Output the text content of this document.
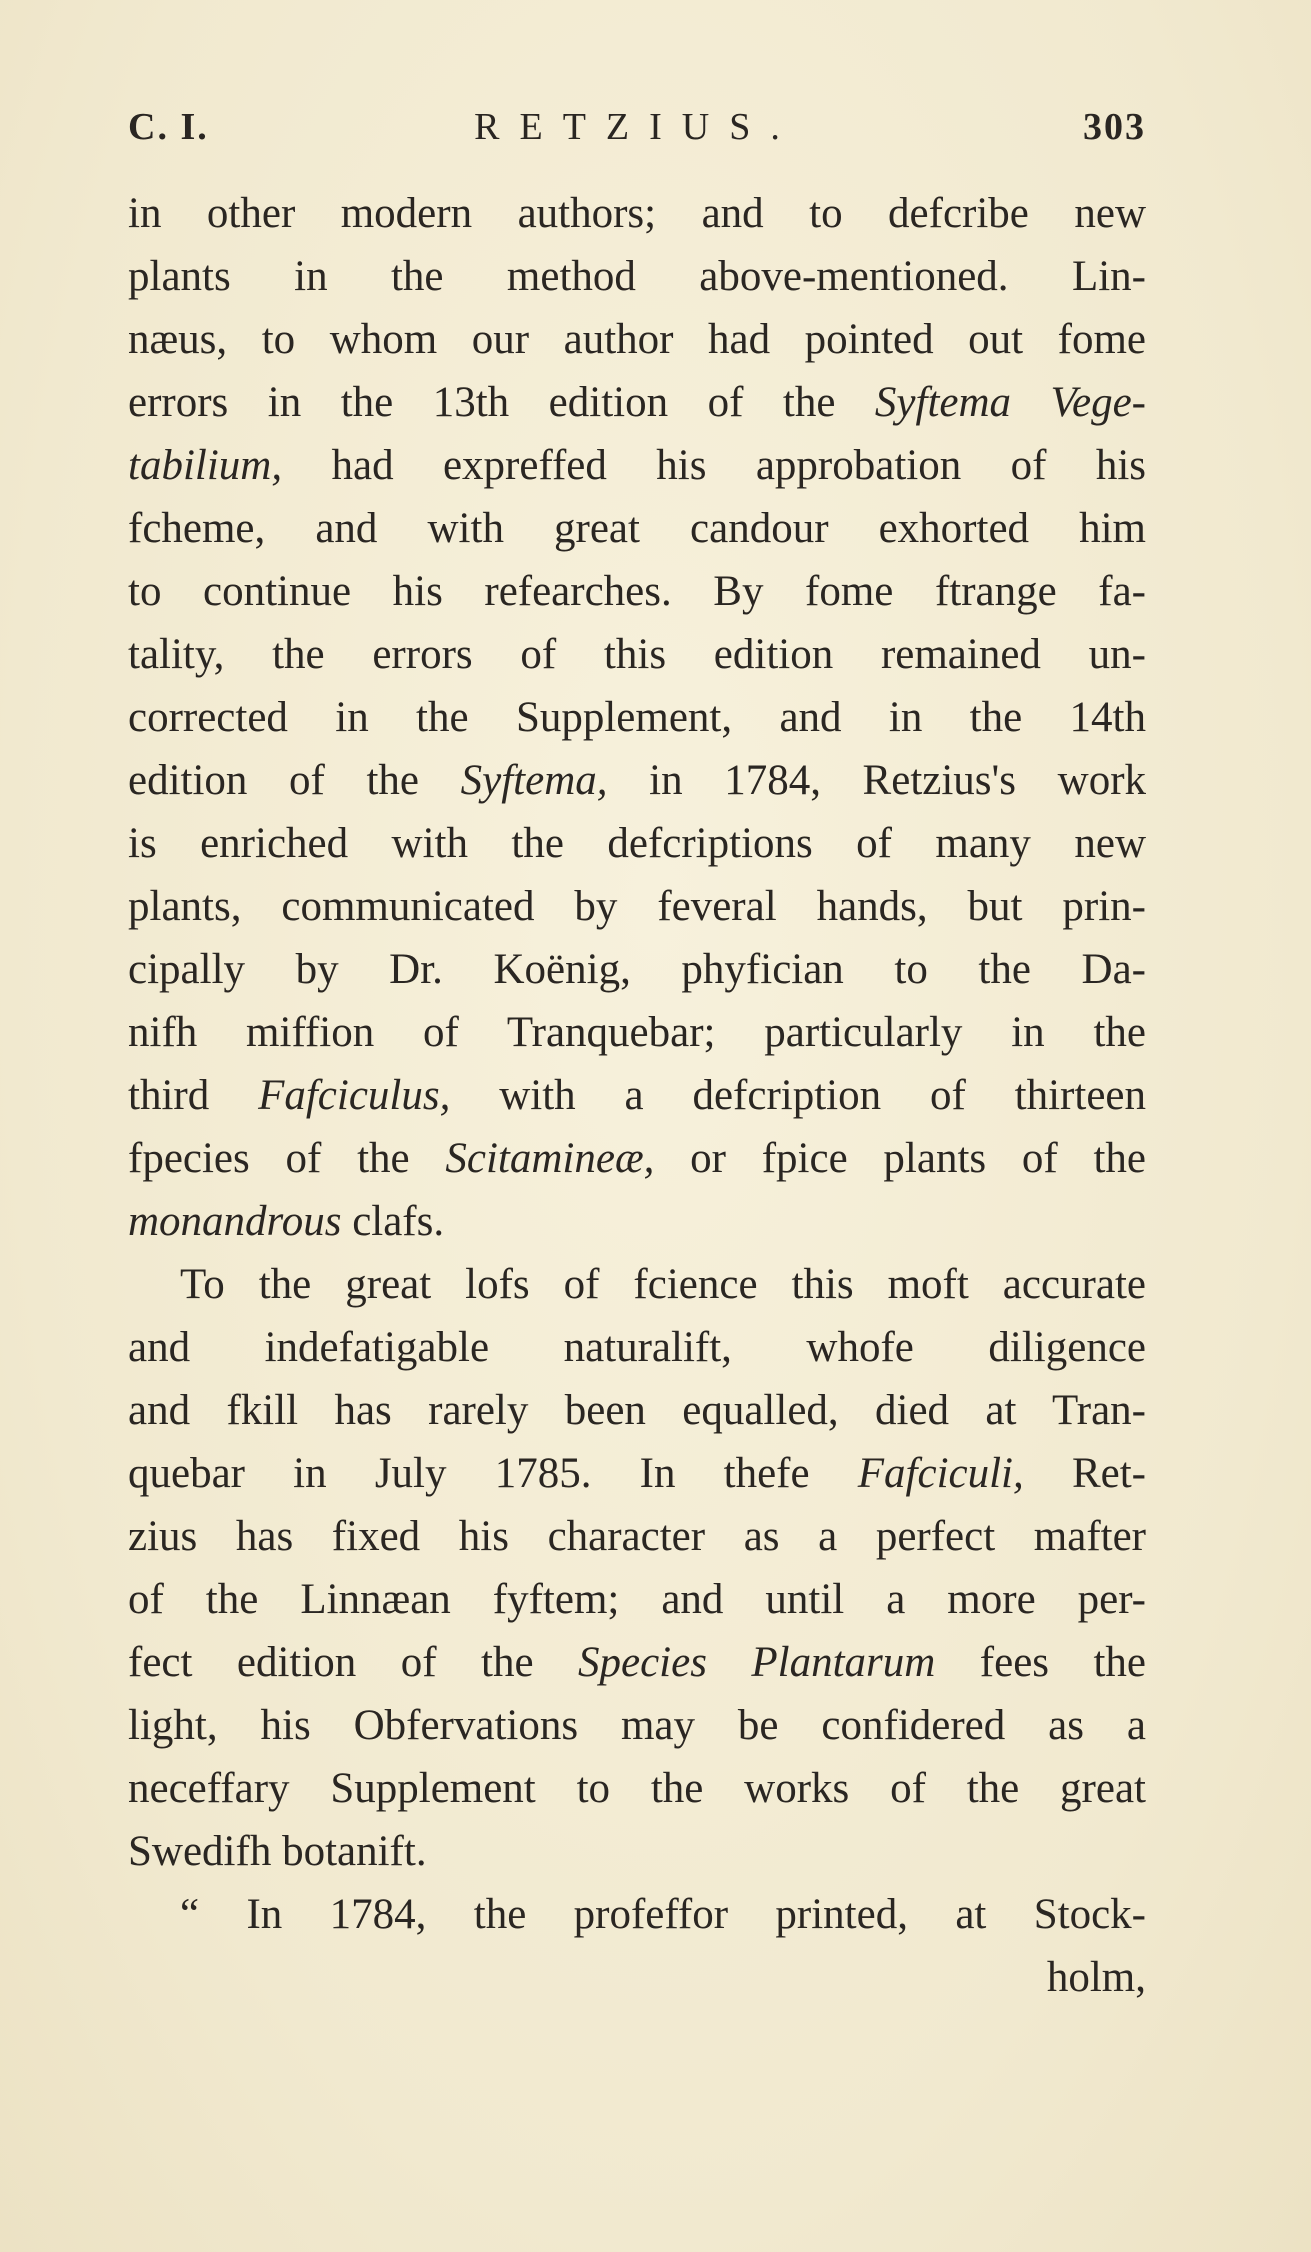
C. I.	RETZIUS.	303
in other modern authors; and to defcribe new
plants in the method above-mentioned. Lin-
næus, to whom our author had pointed out fome
errors in the 13th edition of the Syftema Vege-
tabilium, had expreffed his approbation of his
fcheme, and with great candour exhorted him
to continue his refearches. By fome ftrange fa-
tality, the errors of this edition remained un-
corrected in the Supplement, and in the 14th
edition of the Syftema, in 1784, Retzius's work
is enriched with the defcriptions of many new
plants, communicated by feveral hands, but prin-
cipally by Dr. Koënig, phyfician to the Da-
nifh miffion of Tranquebar; particularly in the
third Fafciculus, with a defcription of thirteen
fpecies of the Scitamineæ, or fpice plants of the
monandrous clafs.
To the great lofs of fcience this moft accurate
and indefatigable naturalift, whofe diligence
and fkill has rarely been equalled, died at Tran-
quebar in July 1785. In thefe Fafciculi, Ret-
zius has fixed his character as a perfect mafter
of the Linnæan fyftem; and until a more per-
fect edition of the Species Plantarum fees the
light, his Obfervations may be confidered as a
neceffary Supplement to the works of the great
Swedifh botanift.
“ In 1784, the profeffor printed, at Stock-
holm,
